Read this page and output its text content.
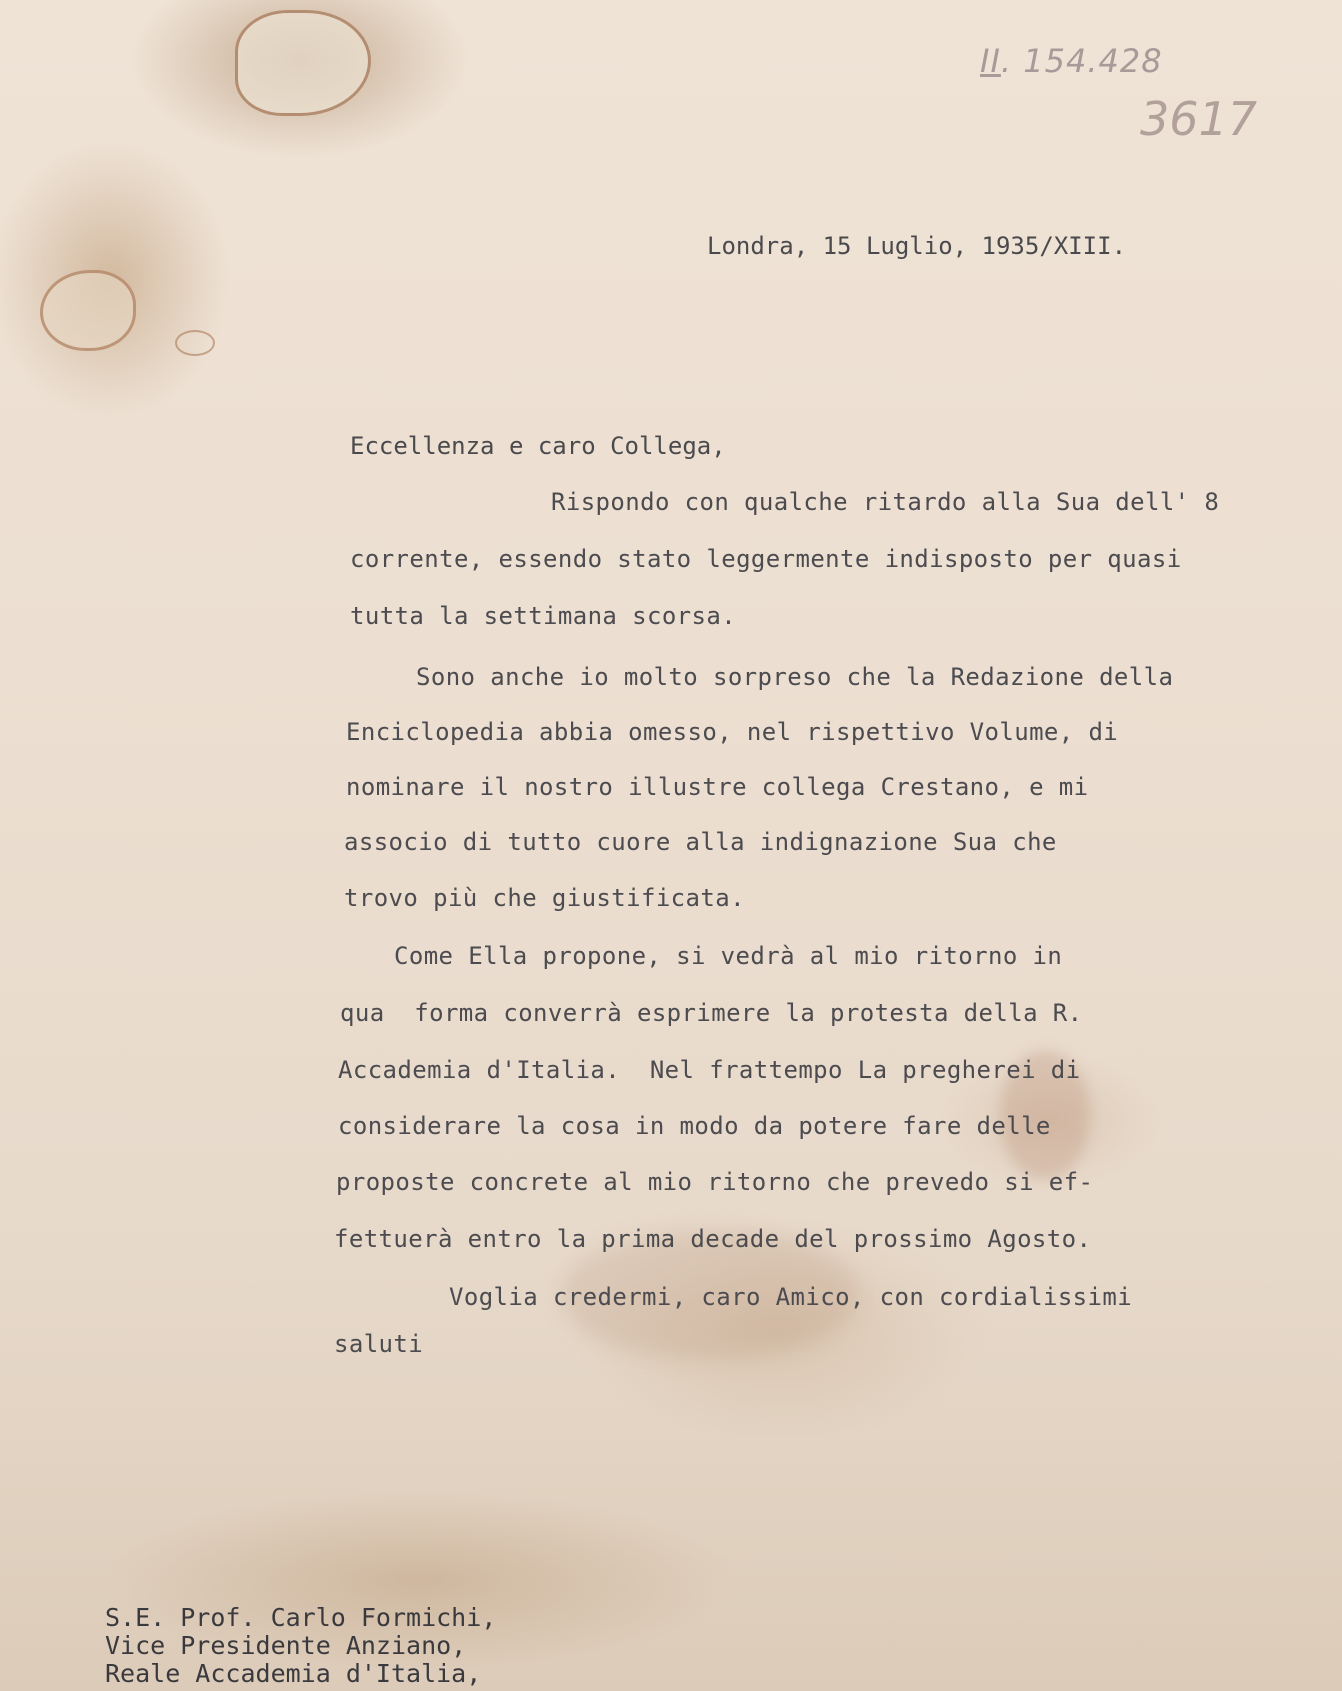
II. 154.428
3617
Londra, 15 Luglio, 1935/XIII.
Eccellenza e caro Collega,
Rispondo con qualche ritardo alla Sua dell' 8
corrente, essendo stato leggermente indisposto per quasi
tutta la settimana scorsa.
Sono anche io molto sorpreso che la Redazione della
Enciclopedia abbia omesso, nel rispettivo Volume, di
nominare il nostro illustre collega Crestano, e mi
associo di tutto cuore alla indignazione Sua che
trovo più che giustificata.
Come Ella propone, si vedrà al mio ritorno in
qua  forma converrà esprimere la protesta della R.
Accademia d'Italia.  Nel frattempo La pregherei di
considerare la cosa in modo da potere fare delle
proposte concrete al mio ritorno che prevedo si ef-
fettuerà entro la prima decade del prossimo Agosto.
Voglia credermi, caro Amico, con cordialissimi
saluti
S.E. Prof. Carlo Formichi,
Vice Presidente Anziano,
Reale Accademia d'Italia,
